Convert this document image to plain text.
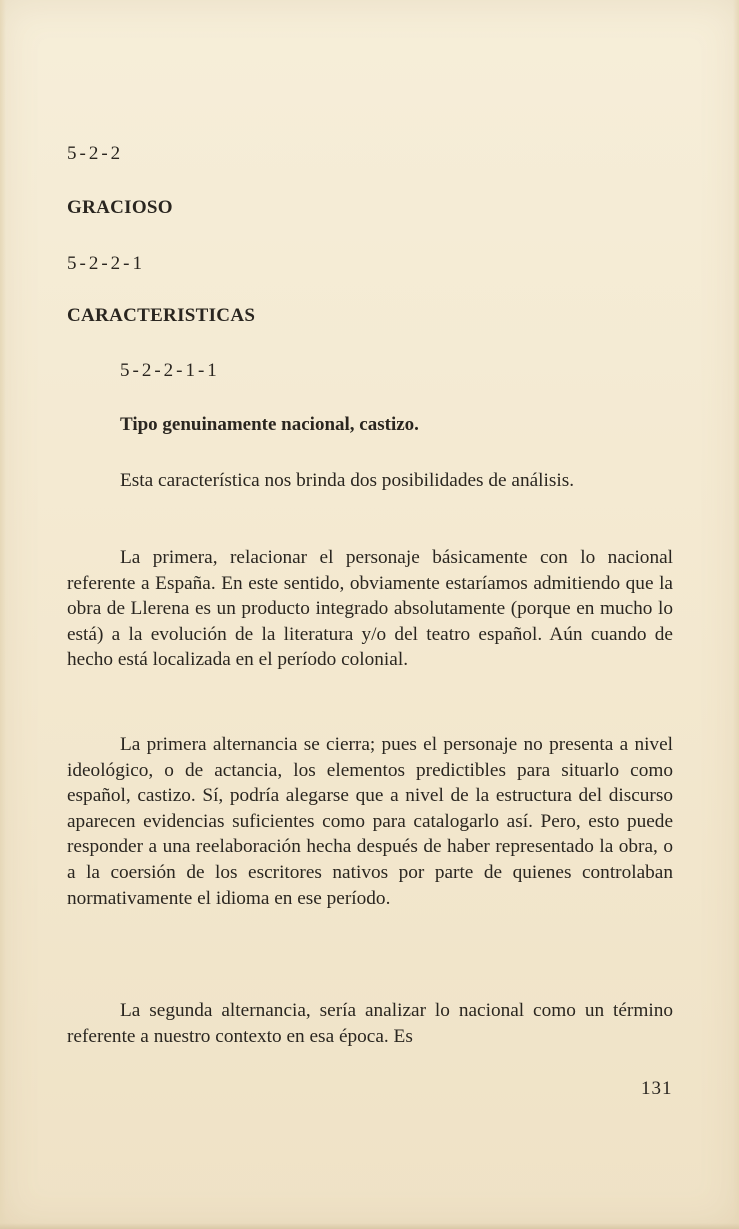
5-2-2
GRACIOSO
5-2-2-1
CARACTERISTICAS
5-2-2-1-1
Tipo genuinamente nacional, castizo.

Esta característica nos brinda dos posibilidades de análisis.

La primera, relacionar el personaje básicamente con lo nacional referente a España. En este sentido, obviamente estaríamos admitiendo que la obra de Llerena es un producto integrado absolutamente (porque en mucho lo está) a la evolución de la literatura y/o del teatro español. Aún cuando de hecho está localizada en el período colonial.

La primera alternancia se cierra; pues el personaje no presenta a nivel ideológico, o de actancia, los elementos predictibles para situarlo como español, castizo. Sí, podría alegarse que a nivel de la estructura del discurso aparecen evidencias suficientes como para catalogarlo así. Pero, esto puede responder a una reelaboración hecha después de haber representado la obra, o a la coersión de los escritores nativos por parte de quienes controlaban normativamente el idioma en ese período.

La segunda alternancia, sería analizar lo nacional como un término referente a nuestro contexto en esa época. Es

131
